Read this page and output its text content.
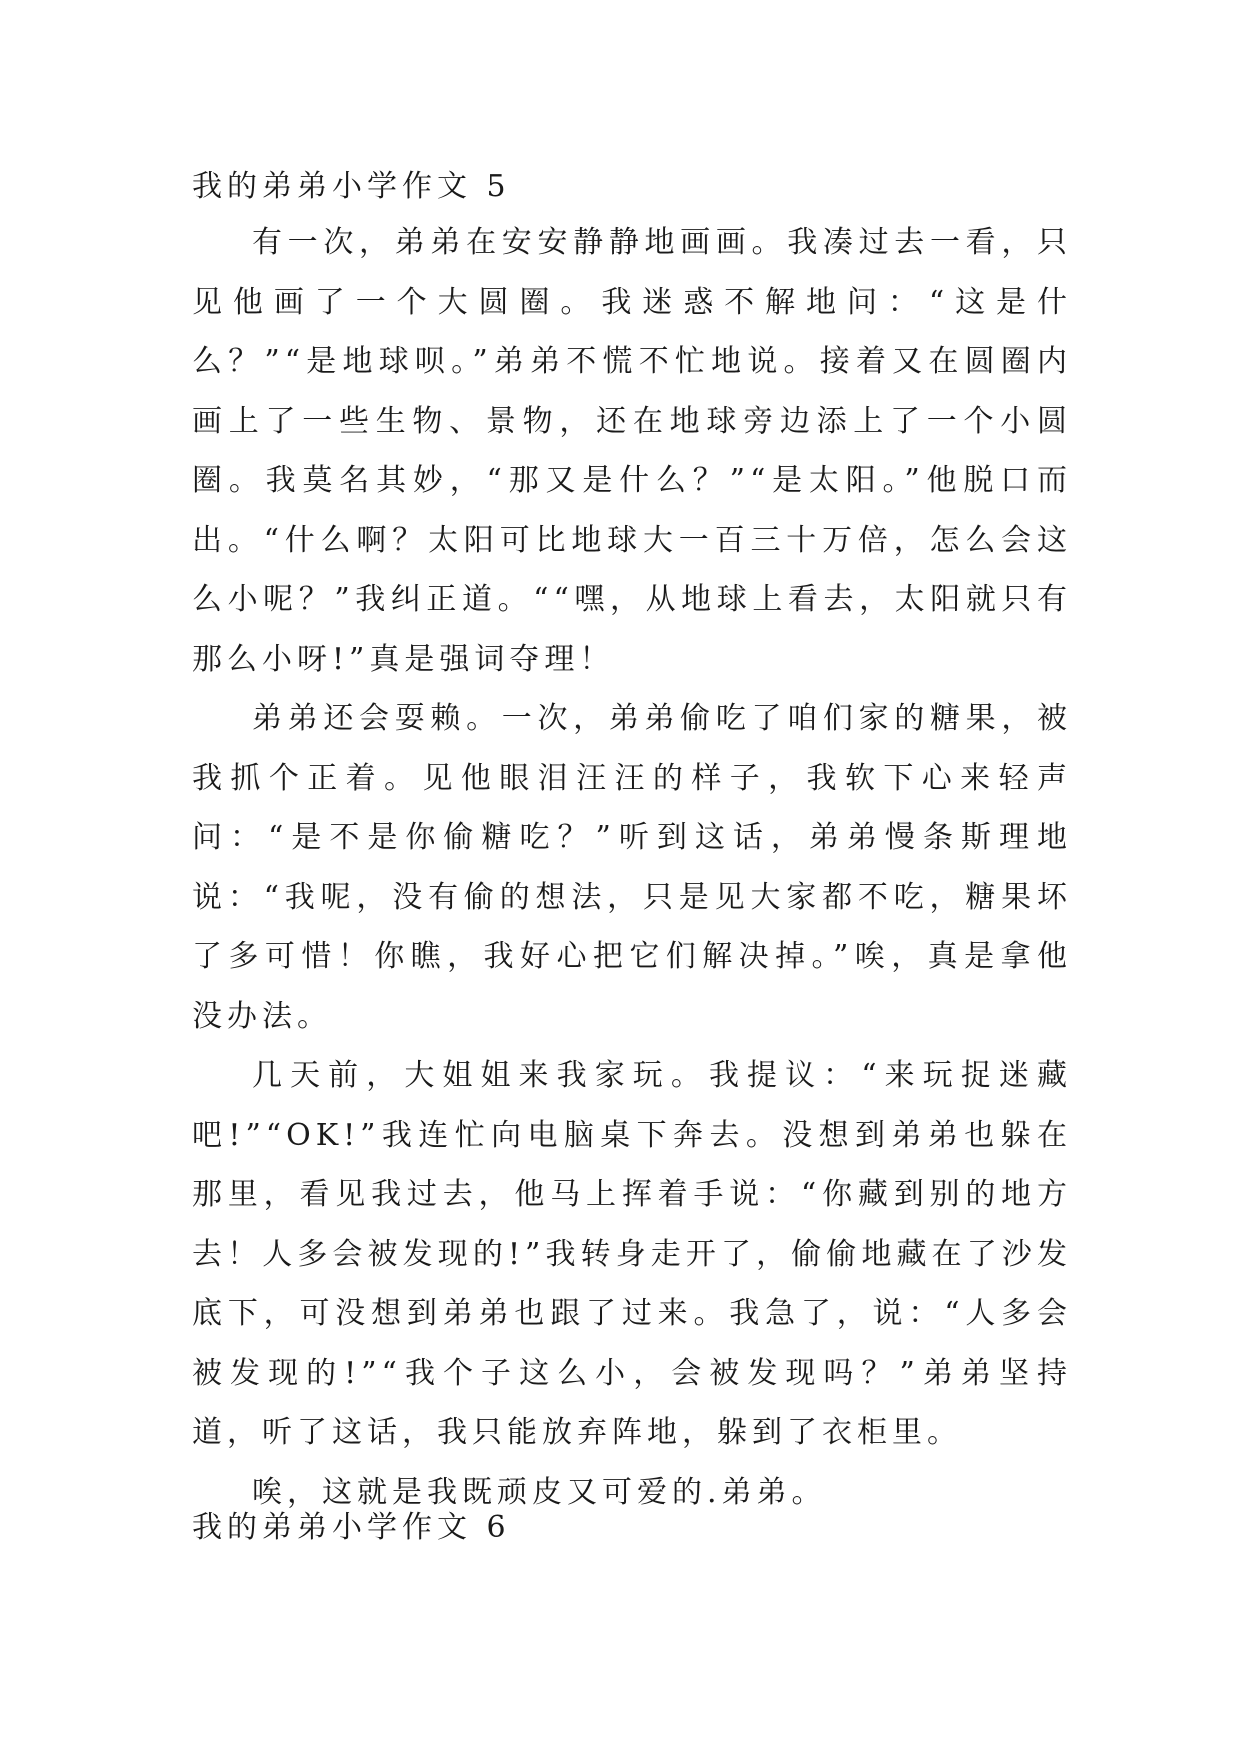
我的弟弟小学作文 5

有一次，弟弟在安安静静地画画。我凑过去一看，只见他画了一个大圆圈。我迷惑不解地问：“这是什么？”“是地球呗。”弟弟不慌不忙地说。接着又在圆圈内画上了一些生物、景物，还在地球旁边添上了一个小圆圈。我莫名其妙，“那又是什么？”“是太阳。”他脱口而出。“什么啊？太阳可比地球大一百三十万倍，怎么会这么小呢？”我纠正道。““嘿，从地球上看去，太阳就只有那么小呀!”真是强词夺理！

弟弟还会耍赖。一次，弟弟偷吃了咱们家的糖果，被我抓个正着。见他眼泪汪汪的样子，我软下心来轻声问：“是不是你偷糖吃？”听到这话，弟弟慢条斯理地说：“我呢，没有偷的想法，只是见大家都不吃，糖果坏了多可惜！你瞧，我好心把它们解决掉。”唉，真是拿他没办法。

几天前，大姐姐来我家玩。我提议：“来玩捉迷藏吧!”“OK!”我连忙向电脑桌下奔去。没想到弟弟也躲在那里，看见我过去，他马上挥着手说：“你藏到别的地方去！人多会被发现的!”我转身走开了，偷偷地藏在了沙发底下，可没想到弟弟也跟了过来。我急了，说：“人多会被发现的!”“我个子这么小，会被发现吗？”弟弟坚持道，听了这话，我只能放弃阵地，躲到了衣柜里。

唉，这就是我既顽皮又可爱的.弟弟。

我的弟弟小学作文 6
